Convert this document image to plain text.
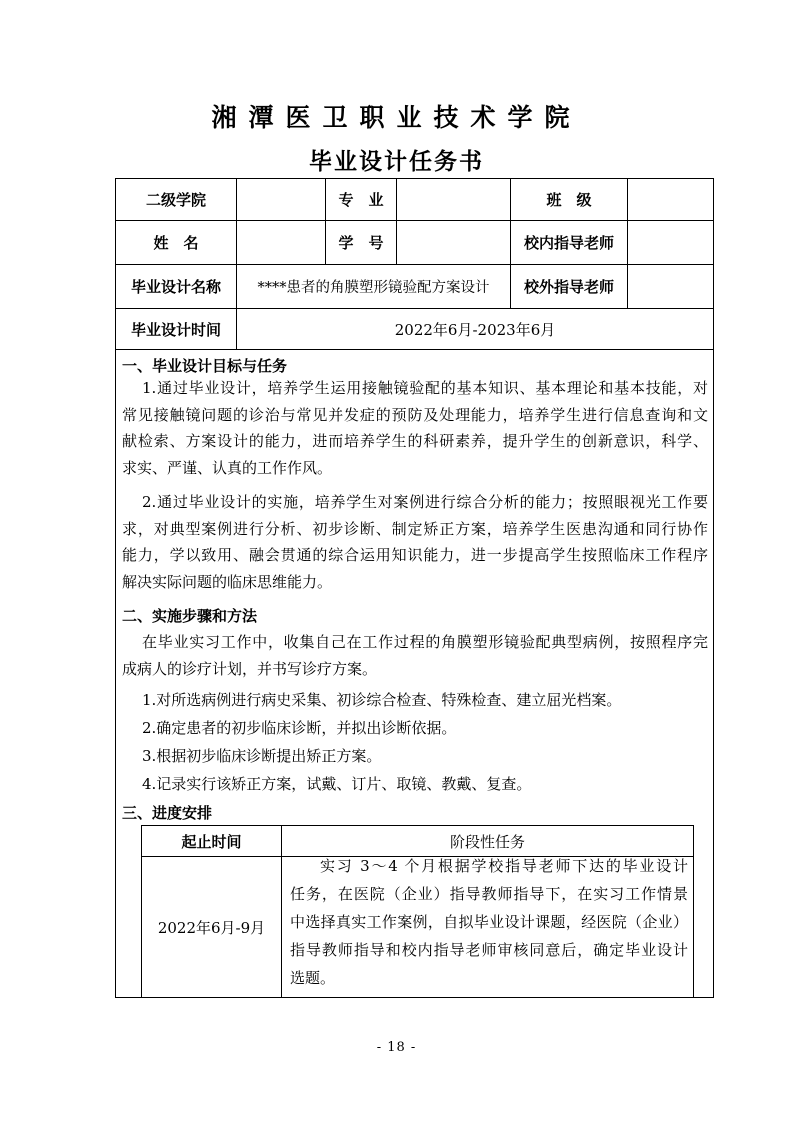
湘潭医卫职业技术学院
毕业设计任务书
二级学院	专　业	班　级
姓　名	学　号	校内指导老师
毕业设计名称	****患者的角膜塑形镜验配方案设计	校外指导老师
毕业设计时间	2022年6月-2023年6月
一、毕业设计目标与任务
1.通过毕业设计，培养学生运用接触镜验配的基本知识、基本理论和基本技能，对
常见接触镜问题的诊治与常见并发症的预防及处理能力，培养学生进行信息查询和文
献检索、方案设计的能力，进而培养学生的科研素养，提升学生的创新意识，科学、
求实、严谨、认真的工作作风。
2.通过毕业设计的实施，培养学生对案例进行综合分析的能力；按照眼视光工作要
求，对典型案例进行分析、初步诊断、制定矫正方案，培养学生医患沟通和同行协作
能力，学以致用、融会贯通的综合运用知识能力，进一步提高学生按照临床工作程序
解决实际问题的临床思维能力。
二、实施步骤和方法
在毕业实习工作中，收集自己在工作过程的角膜塑形镜验配典型病例，按照程序完
成病人的诊疗计划，并书写诊疗方案。
1.对所选病例进行病史采集、初诊综合检查、特殊检查、建立屈光档案。
2.确定患者的初步临床诊断，并拟出诊断依据。
3.根据初步临床诊断提出矫正方案。
4.记录实行该矫正方案，试戴、订片、取镜、教戴、复查。
三、进度安排
起止时间	阶段性任务
2022年6月-9月
实习 3～4 个月根据学校指导老师下达的毕业设计
任务，在医院（企业）指导教师指导下，在实习工作情景
中选择真实工作案例，自拟毕业设计课题，经医院（企业）
指导教师指导和校内指导老师审核同意后，确定毕业设计
选题。
- 18 -
